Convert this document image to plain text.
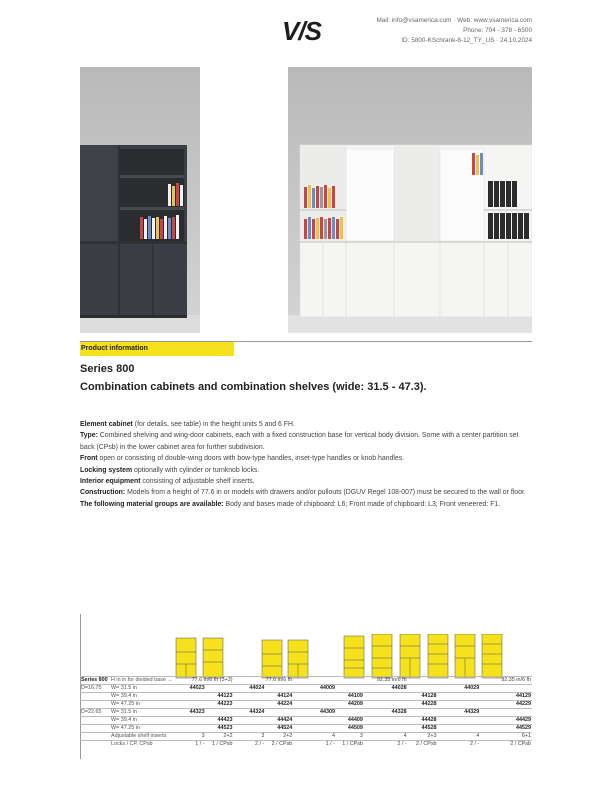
V/S	Mail: info@vsamerica.com · Web: www.vsamerica.com
Phone: 704 - 378 - 6500
ID: 5800-KSchrank-8-12_TY_US · 24.10.2024
Product information
Series 800
Combination cabinets and combination shelves (wide: 31.5 - 47.3).

Element cabinet (for details, see table) in the height units 5 and 6 FH.

Type: Combined shelving and wing-door cabinets, each with a fixed construction base for vertical body division. Some with a center partition set back (CPsb) in the lower cabinet area for further subdivision.

Front open or consisting of double-wing doors with bow-type handles, inset-type handles or knob handles.

Locking system optionally with cylinder or turnknob locks.

Interior equipment consisting of adjustable shelf inserts.

Construction: Models from a height of 77.6 in or models with drawers and/or pullouts (DGUV Regel 108-007) must be secured to the wall or floor.

The following material groups are available: Body and bases made of chipboard: L6; Front made of chipboard: L3; Front veneered: F1.

Series 800	H in in for divided base →	77.6 in/6 fh (3+3)		77.6 in/6 fh		92.35 in/6 fh			92.35 in/6 fh		
D=16.75	W= 31.5 in	44023		44024		44009		44028		44029	
	W= 39.4 in		44123		44124		44109		44128		44129
	W= 47.25 in		44223		44224		44209		44228		44229
D=22.65	W= 31.5 in	44323		44324		44309		44328		44329	
	W= 39.4 in		44423		44424		44409		44428		44429
	W= 47.25 in		44523		44524		44509		44528		44529
	Adjustable shelf inserts	3	2+2	3	2+2	4	3	4	2+3	4	6+1
	Locks / CP, CPsb	1 / -	1 / CPsb	2 / -	2 / CPsb	1 / -	1 / CPsb	2 / -	2 / CPsb	2 / -	2 / CPsb
